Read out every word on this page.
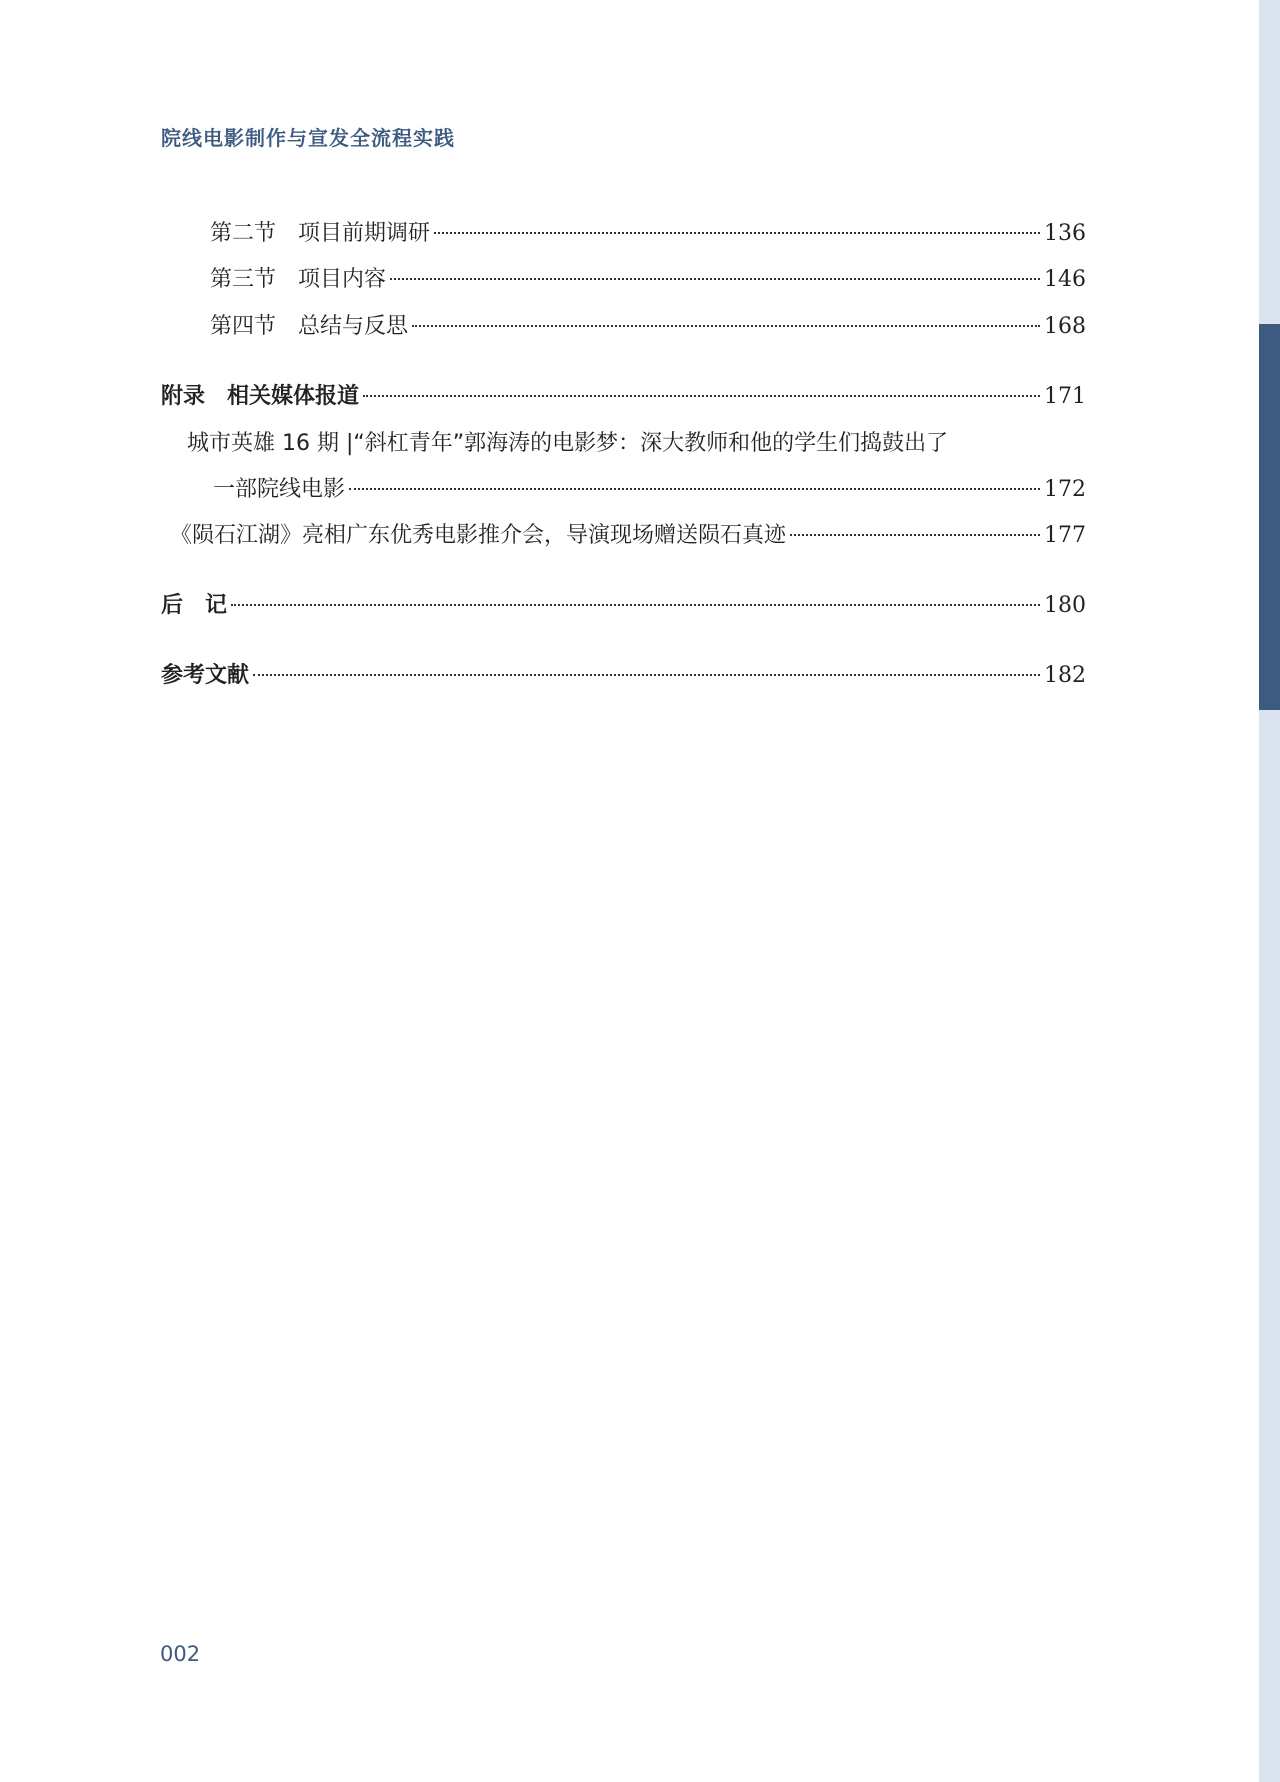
院线电影制作与宣发全流程实践
第二节　项目前期调研	136
第三节　项目内容	146
第四节　总结与反思	168
附录　相关媒体报道	171
城市英雄 16 期 |“斜杠青年”郭海涛的电影梦：深大教师和他的学生们捣鼓出了
一部院线电影	172
《陨石江湖》亮相广东优秀电影推介会，导演现场赠送陨石真迹	177
后　记	180
参考文献	182
002
